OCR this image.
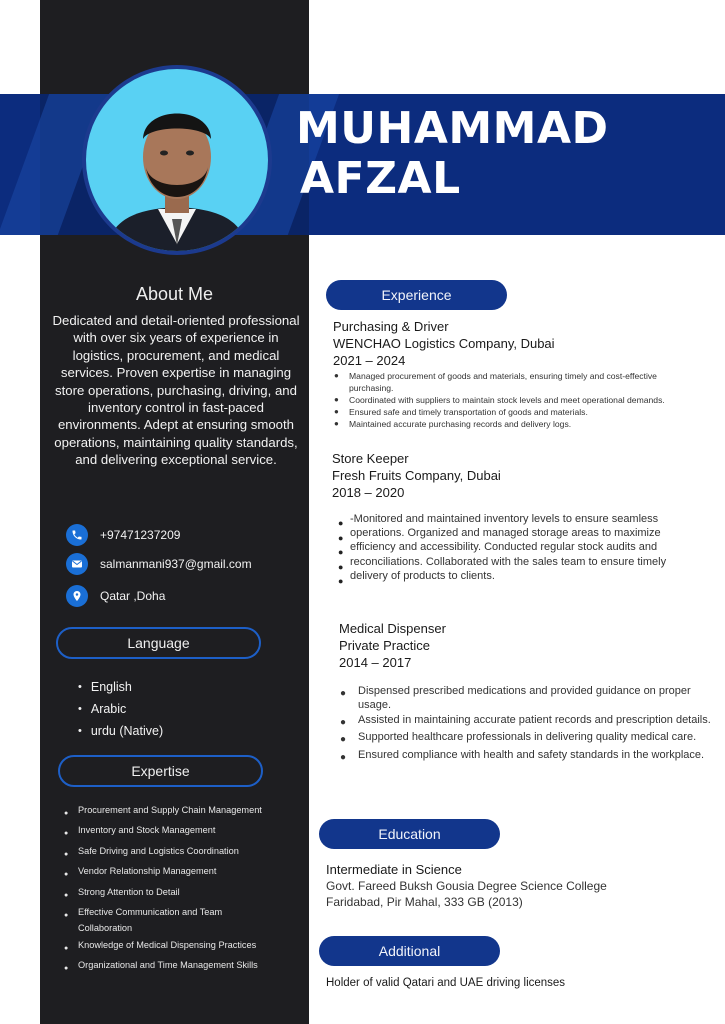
MUHAMMAD
AFZAL
About Me
Dedicated and detail-oriented professional with over six years of experience in logistics, procurement, and medical services. Proven expertise in managing store operations, purchasing, driving, and inventory control in fast-paced environments. Adept at ensuring smooth operations, maintaining quality standards, and delivering exceptional service.
+97471237209
salmanmani937@gmail.com
Qatar ,Doha
Language
• English
• Arabic
• urdu (Native)
Expertise
●	Procurement and Supply Chain Management
●	Inventory and Stock Management
●	Safe Driving and Logistics Coordination
●	Vendor Relationship Management
●	Strong Attention to Detail
●	Effective Communication and Team Collaboration
●	Knowledge of Medical Dispensing Practices
●	Organizational and Time Management Skills
Experience
Purchasing & Driver
WENCHAO Logistics Company, Dubai
2021 – 2024
●	Managed procurement of goods and materials, ensuring timely and cost-effective purchasing.
●	Coordinated with suppliers to maintain stock levels and meet operational demands.
●	Ensured safe and timely transportation of goods and materials.
●	Maintained accurate purchasing records and delivery logs.
Store Keeper
Fresh Fruits Company, Dubai
2018 – 2020
●
●
●
●
●
-Monitored and maintained inventory levels to ensure seamless operations. Organized and managed storage areas to maximize efficiency and accessibility. Conducted regular stock audits and reconciliations. Collaborated with the sales team to ensure timely delivery of products to clients.
Medical Dispenser
Private Practice
2014 – 2017
●	Dispensed prescribed medications and provided guidance on proper usage.
●	Assisted in maintaining accurate patient records and prescription details.
●	Supported healthcare professionals in delivering quality medical care.
●	Ensured compliance with health and safety standards in the workplace.
Education
Intermediate in Science
Govt. Fareed Buksh Gousia Degree Science College
Faridabad, Pir Mahal, 333 GB (2013)
Additional
Holder of valid Qatari and UAE driving licenses
